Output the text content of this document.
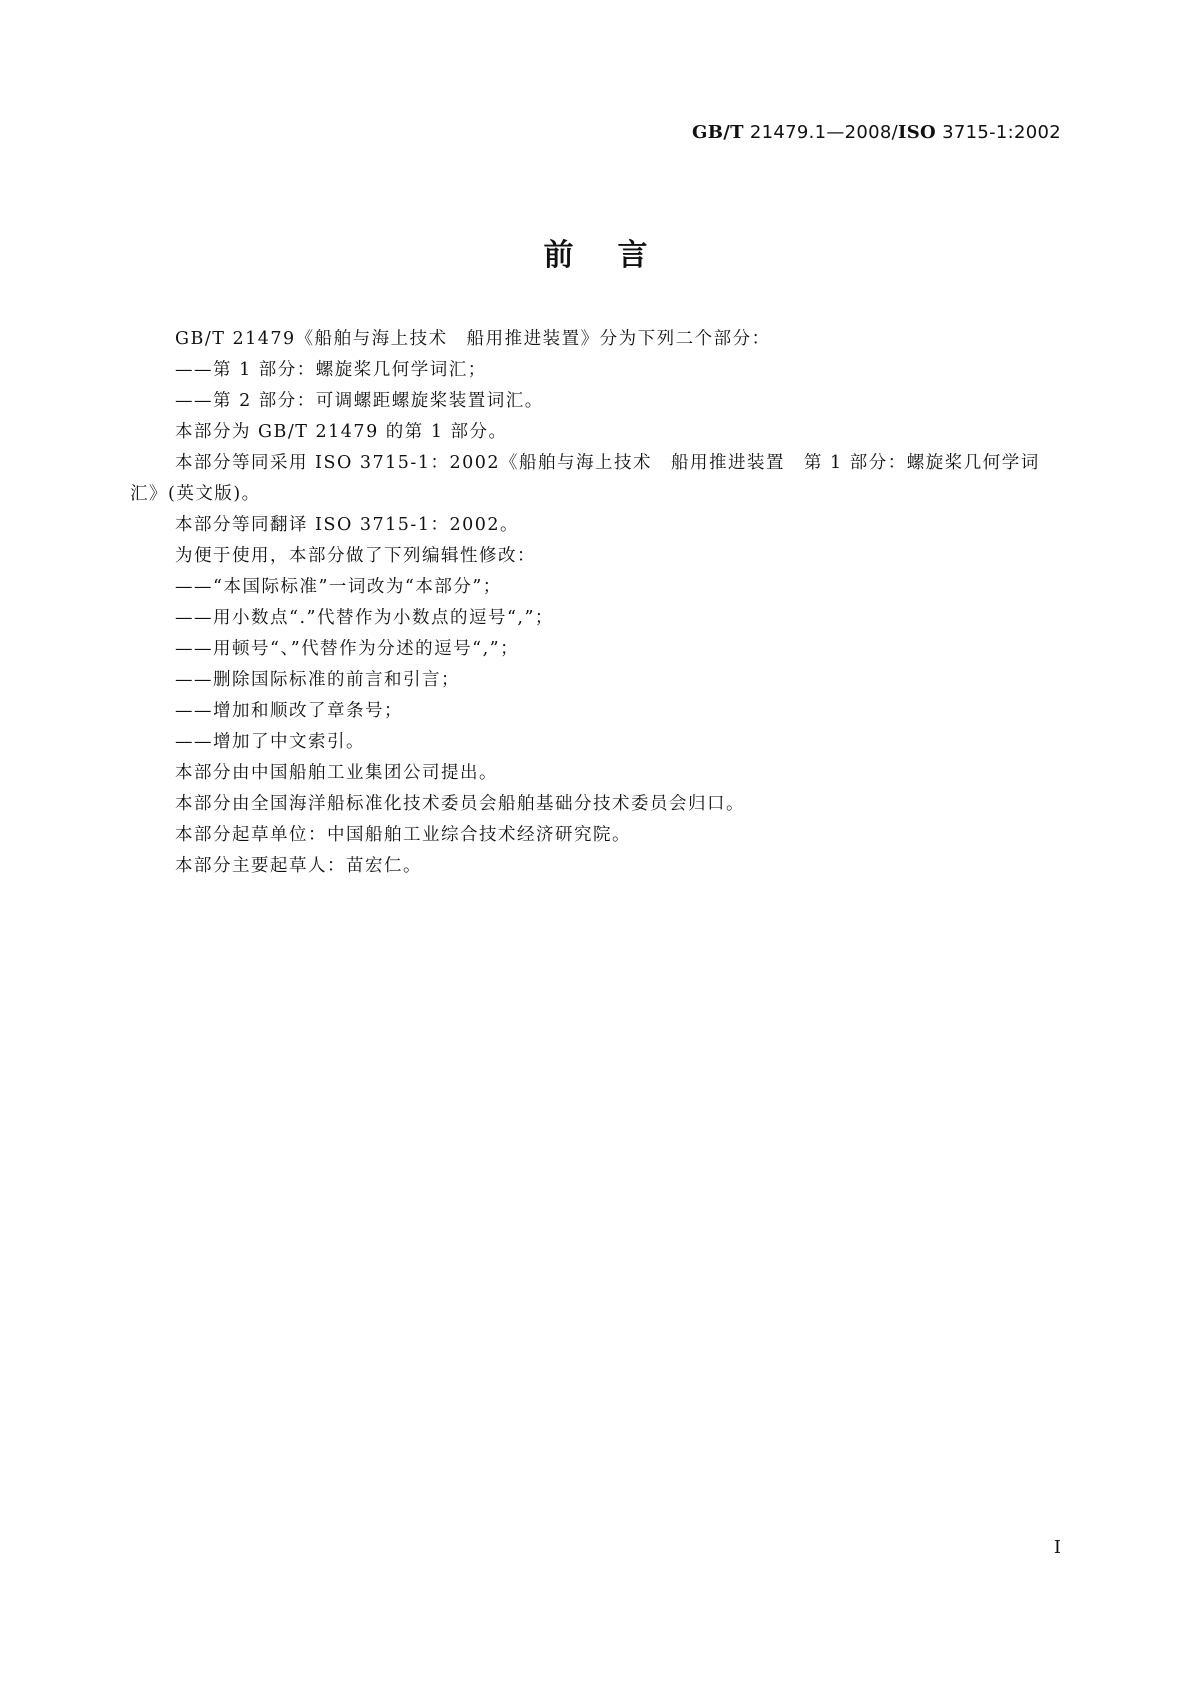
GB/T 21479.1—2008/ISO 3715-1:2002
前言

GB/T 21479《船舶与海上技术　船用推进装置》分为下列二个部分：

——第 1 部分：螺旋桨几何学词汇；

——第 2 部分：可调螺距螺旋桨装置词汇。

本部分为 GB/T 21479 的第 1 部分。

本部分等同采用 ISO 3715-1：2002《船舶与海上技术　船用推进装置　第 1 部分：螺旋桨几何学词汇》(英文版)。

本部分等同翻译 ISO 3715-1：2002。

为便于使用，本部分做了下列编辑性修改：

——“本国际标准”一词改为“本部分”；

——用小数点“.”代替作为小数点的逗号“,”；

——用顿号“、”代替作为分述的逗号“,”；

——删除国际标准的前言和引言；

——增加和顺改了章条号；

——增加了中文索引。

本部分由中国船舶工业集团公司提出。

本部分由全国海洋船标准化技术委员会船舶基础分技术委员会归口。

本部分起草单位：中国船舶工业综合技术经济研究院。

本部分主要起草人：苗宏仁。

I
